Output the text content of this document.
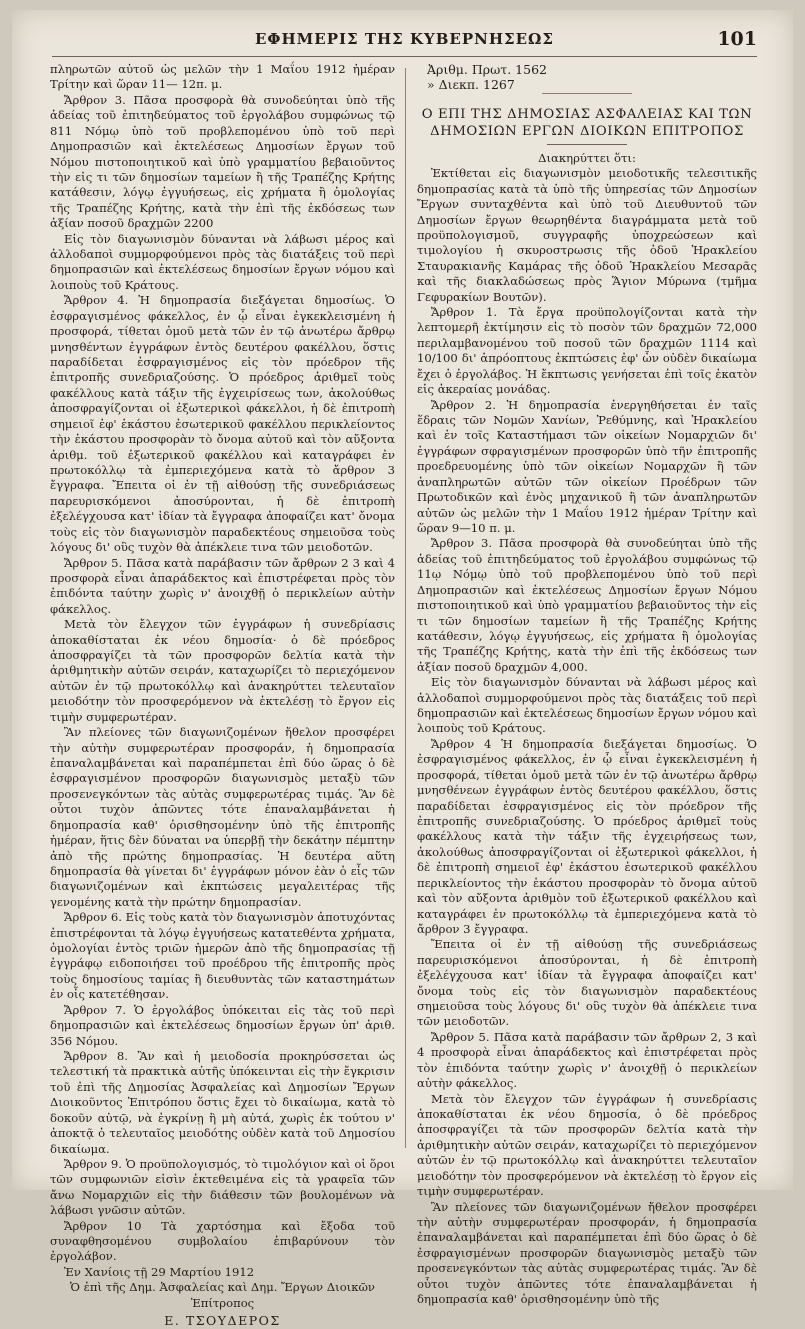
ΕΦΗΜΕΡΙΣ ΤΗΣ ΚΥΒΕΡΝΗΣΕΩΣ	101

πληρωτῶν αὐτοῦ ὡς μελῶν τὴν 1 Μαΐου 1912 ἡμέραν Τρίτην καὶ ὥραν 11— 12π. μ.

Ἄρθρον 3. Πᾶσα προσφορὰ θὰ συνοδεύηται ὑπὸ τῆς ἀδείας τοῦ ἐπιτηδεύματος τοῦ ἐργολάβου συμφώνως τῷ 811 Νόμῳ ὑπὸ τοῦ προβλεπομένου ὑπὸ τοῦ περὶ Δημοπρασιῶν καὶ ἐκτελέσεως Δημοσίων ἔργων τοῦ Νόμου πιστοποιητικοῦ καὶ ὑπὸ γραμματίου βεβαιοῦντος τὴν εἰς τι τῶν δημοσίων ταμείων ἢ τῆς Τραπέζης Κρήτης κατάθεσιν, λόγῳ ἐγγυήσεως, εἰς χρήματα ἢ ὁμολογίας τῆς Τραπέζης Κρήτης, κατὰ τὴν ἐπὶ τῆς ἐκδόσεως των ἀξίαν ποσοῦ δραχμῶν 2200

Εἰς τὸν διαγωνισμὸν δύνανται νὰ λάβωσι μέρος καὶ ἀλλοδαποὶ συμμορφούμενοι πρὸς τὰς διατάξεις τοῦ περὶ δημοπρασιῶν καὶ ἐκτελέσεως δημοσίων ἔργων νόμου καὶ λοιποὺς τοῦ Κράτους.

Ἄρθρον 4. Ἡ δημοπρασία διεξάγεται δημοσίως. Ὁ ἐσφραγισμένος φάκελλος, ἐν ᾧ εἶναι ἐγκεκλεισμένη ἡ προσφορά, τίθεται ὁμοῦ μετὰ τῶν ἐν τῷ ἀνωτέρω ἄρθρῳ μνησθέντων ἐγγράφων ἐντὸς δευτέρου φακέλλου, ὅστις παραδίδεται ἐσφραγισμένος εἰς τὸν πρόεδρον τῆς ἐπιτροπῆς συνεδριαζούσης. Ὁ πρόεδρος ἀριθμεῖ τοὺς φακέλλους κατὰ τάξιν τῆς ἐγχειρίσεως των, ἀκολούθως ἀποσφραγίζονται οἱ ἐξωτερικοὶ φάκελλοι, ἡ δὲ ἐπιτροπὴ σημειοῖ ἐφ' ἑκάστου ἐσωτερικοῦ φακέλλου περικλείοντος τὴν ἑκάστου προσφορὰν τὸ ὄνομα αὐτοῦ καὶ τὸν αὔξοντα ἀριθμ. τοῦ ἐξωτερικοῦ φακέλλου καὶ καταγράφει ἐν πρωτοκόλλῳ τὰ ἐμπεριεχόμενα κατὰ τὸ ἄρθρον 3 ἔγγραφα. Ἔπειτα οἱ ἐν τῇ αἰθούσῃ τῆς συνεδριάσεως παρευρισκόμενοι ἀποσύρονται, ἡ δὲ ἐπιτροπὴ ἐξελέγχουσα κατ' ἰδίαν τὰ ἔγγραφα ἀποφαίζει κατ' ὄνομα τοὺς εἰς τὸν διαγωνισμὸν παραδεκτέους σημειοῦσα τοὺς λόγους δι' οὓς τυχὸν θὰ ἀπέκλειε τινα τῶν μειοδοτῶν.

Ἄρθρον 5. Πᾶσα κατὰ παράβασιν τῶν ἄρθρων 2 3 καὶ 4 προσφορὰ εἶναι ἀπαράδεκτος καὶ ἐπιστρέφεται πρὸς τὸν ἐπιδόντα ταύτην χωρὶς ν' ἀνοιχθῇ ὁ περικλείων αὐτὴν φάκελλος.

Μετὰ τὸν ἔλεγχον τῶν ἐγγράφων ἡ συνεδρίασις ἀποκαθίσταται ἐκ νέου δημοσία· ὁ δὲ πρόεδρος ἀποσφραγίζει τὰ τῶν προσφορῶν δελτία κατὰ τὴν ἀριθμητικὴν αὐτῶν σειράν, καταχωρίζει τὸ περιεχόμενον αὐτῶν ἐν τῷ πρωτοκόλλῳ καὶ ἀνακηρύττει τελευταῖον μειοδότην τὸν προσφερόμενον νὰ ἐκτελέσῃ τὸ ἔργον εἰς τιμὴν συμφερωτέραν.

Ἂν πλείονες τῶν διαγωνιζομένων ἤθελον προσφέρει τὴν αὐτὴν συμφερωτέραν προσφοράν, ἡ δημοπρασία ἐπαναλαμβάνεται καὶ παραπέμπεται ἐπὶ δύο ὥρας ὁ δὲ ἐσφραγισμένον προσφορῶν διαγωνισμὸς μεταξὺ τῶν προσενεγκόντων τὰς αὐτὰς συμφερωτέρας τιμάς. Ἂν δὲ οὗτοι τυχὸν ἀπῶντες τότε ἐπαναλαμβάνεται ἡ δημοπρασία καθ' ὁρισθησομένην ὑπὸ τῆς ἐπιτροπῆς ἡμέραν, ἥτις δὲν δύναται να ὑπερβῇ τὴν δεκάτην πέμπτην ἀπὸ τῆς πρώτης δημοπρασίας. Ἡ δευτέρα αὕτη δημοπρασία θὰ γίνεται δι' ἐγγράφων μόνον ἐὰν ὁ εἷς τῶν διαγωνιζομένων καὶ ἐκπτώσεις μεγαλειτέρας τῆς γενομένης κατὰ τὴν πρώτην δημοπρασίαν.

Ἄρθρον 6. Εἰς τοὺς κατὰ τὸν διαγωνισμὸν ἀποτυχόντας ἐπιστρέφονται τὰ λόγῳ ἐγγυήσεως κατατεθέντα χρήματα, ὁμολογίαι ἐντὸς τριῶν ἡμερῶν ἀπὸ τῆς δημοπρασίας τῇ ἐγγράφῳ ειδοποιήσει τοῦ προέδρου τῆς ἐπιτροπῆς πρὸς τοὺς δημοσίους ταμίας ἢ διευθυντὰς τῶν καταστημάτων ἐν οἷς κατετέθησαν.

Ἄρθρον 7. Ὁ ἐργολάβος ὑπόκειται εἰς τὰς τοῦ περὶ δημοπρασιῶν καὶ ἐκτελέσεως δημοσίων ἔργων ὑπ' ἀριθ. 356 Νόμου.

Ἄρθρον 8. Ἂν καὶ ἡ μειοδοσία προκηρύσσεται ὡς τελεστική τὰ πρακτικὰ αὐτῆς ὑπόκεινται εἰς τὴν ἔγκρισιν τοῦ ἐπὶ τῆς Δημοσίας Ἀσφαλείας καὶ Δημοσίων Ἔργων Διοικοῦντος Ἐπιτρόπου ὅστις ἔχει τὸ δικαίωμα, κατὰ τὸ δοκοῦν αὐτῷ, νὰ ἐγκρίνῃ ἢ μὴ αὐτά, χωρὶς ἐκ τούτου ν' ἀποκτᾷ ὁ τελευταῖος μειοδότης οὐδὲν κατὰ τοῦ Δημοσίου δικαίωμα.

Ἄρθρον 9. Ὁ προϋπολογισμός, τὸ τιμολόγιον καὶ οἱ ὅροι τῶν συμφωνιῶν εἰσὶν ἐκτεθειμένα εἰς τὰ γραφεῖα τῶν ἄνω Νομαρχιῶν εἰς τὴν διάθεσιν τῶν βουλομένων νὰ λάβωσι γνῶσιν αὐτῶν.

Ἄρθρον 10 Τὰ χαρτόσημα καὶ ἔξοδα τοῦ συναφθησομένου συμβολαίου ἐπιβαρύνουν τὸν ἐργολάβον.

Ἐν Χανίοις τῇ 29 Μαρτίου 1912

Ὁ ἐπὶ τῆς Δημ. Ἀσφαλείας καὶ Δημ. Ἔργων Διοικῶν Ἐπίτροπος

Ε. ΤΣΟΥΔΕΡΟΣ

Ἀριθμ. Πρωτ. 1562
» Διεκπ. 1267
Ο ΕΠΙ ΤΗΣ ΔΗΜΟΣΙΑΣ ΑΣΦΑΛΕΙΑΣ ΚΑΙ ΤΩΝ ΔΗΜΟΣΙΩΝ ΕΡΓΩΝ ΔΙΟΙΚΩΝ ΕΠΙΤΡΟΠΟΣ

Διακηρύττει ὅτι:

Ἐκτίθεται εἰς διαγωνισμὸν μειοδοτικῆς τελεσιτικῆς δημοπρασίας κατὰ τὰ ὑπὸ τῆς ὑπηρεσίας τῶν Δημοσίων Ἔργων συνταχθέντα καὶ ὑπὸ τοῦ Διευθυντοῦ τῶν Δημοσίων ἔργων θεωρηθέντα διαγράμματα μετὰ τοῦ προϋπολογισμοῦ, συγγραφῆς ὑποχρεώσεων καὶ τιμολογίου ἡ σκυροστρωσις τῆς ὁδοῦ Ἡρακλείου Σταυρακιανῆς Καμάρας τῆς ὁδοῦ Ἡρακλείου Μεσαρᾶς καὶ τῆς διακλαδώσεως πρὸς Ἅγιον Μύρωνα (τμῆμα Γεφυρακίων Βουτῶν).

Ἄρθρον 1. Τὰ ἔργα προϋπολογίζονται κατὰ τὴν λεπτομερῆ ἐκτίμησιν εἰς τὸ ποσὸν τῶν δραχμῶν 72,000 περιλαμβανομένου τοῦ ποσοῦ τῶν δραχμῶν 1114 καὶ 10/100 δι' ἀπρόοπτους ἐκπτώσεις ἐφ' ὧν οὐδὲν δικαίωμα ἔχει ὁ ἐργολάβος. Ἡ ἔκπτωσις γενήσεται ἐπὶ τοῖς ἑκατὸν εἰς ἀκεραίας μονάδας.

Ἄρθρον 2. Ἡ δημοπρασία ἐνεργηθήσεται ἐν ταῖς ἕδραις τῶν Νομῶν Χανίων, Ῥεθύμνης, καὶ Ἡρακλείου καὶ ἐν τοῖς Καταστήμασι τῶν οἰκείων Νομαρχιῶν δι' ἐγγράφων σφραγισμένων προσφορῶν ὑπὸ τῆν ἐπιτροπῆς προεδρευομένης ὑπὸ τῶν οἰκείων Νομαρχῶν ἢ τῶν ἀναπληρωτῶν αὐτῶν τῶν οἰκείων Προέδρων τῶν Πρωτοδικῶν καὶ ἑνὸς μηχανικοῦ ἢ τῶν ἀναπληρωτῶν αὐτῶν ὡς μελῶν τὴν 1 Μαΐου 1912 ἡμέραν Τρίτην καὶ ὥραν 9—10 π. μ.

Ἄρθρον 3. Πᾶσα προσφορὰ θὰ συνοδεύηται ὑπὸ τῆς ἀδείας τοῦ ἐπιτηδεύματος τοῦ ἐργολάβου συμφώνως τῷ 11ῳ Νόμῳ ὑπὸ τοῦ προβλεπομένου ὑπὸ τοῦ περὶ Δημοπρασιῶν καὶ ἐκτελέσεως Δημοσίων ἔργων Νόμου πιστοποιητικοῦ καὶ ὑπὸ γραμματίου βεβαιοῦντος τὴν εἰς τι τῶν δημοσίων ταμείων ἢ τῆς Τραπέζης Κρήτης κατάθεσιν, λόγῳ ἐγγυήσεως, εἰς χρήματα ἢ ὁμολογίας τῆς Τραπέζης Κρήτης, κατὰ τὴν ἐπὶ τῆς ἐκδόσεως των ἀξίαν ποσοῦ δραχμῶν 4,000.

Εἰς τὸν διαγωνισμὸν δύνανται νὰ λάβωσι μέρος καὶ ἀλλοδαποὶ συμμορφούμενοι πρὸς τὰς διατάξεις τοῦ περὶ δημοπρασιῶν καὶ ἐκτελέσεως δημοσίων ἔργων νόμου καὶ λοιποὺς τοῦ Κράτους.

Ἄρθρον 4 Ἡ δημοπρασία διεξάγεται δημοσίως. Ὁ ἐσφραγισμένος φάκελλος, ἐν ᾧ εἶναι ἐγκεκλεισμένη ἡ προσφορά, τίθεται ὁμοῦ μετὰ τῶν ἐν τῷ ἀνωτέρω ἄρθρῳ μνησθένεων ἐγγράφων ἐντὸς δευτέρου φακέλλου, ὅστις παραδίδεται ἐσφραγισμένος εἰς τὸν πρόεδρον τῆς ἐπιτροπῆς συνεδριαζούσης. Ὁ πρόεδρος ἀριθμεῖ τοὺς φακέλλους κατὰ τὴν τάξιν τῆς ἐγχειρήσεως των, ἀκολούθως ἀποσφραγίζονται οἱ ἐξωτερικοὶ φάκελλοι, ἡ δὲ ἐπιτροπὴ σημειοῖ ἐφ' ἑκάστου ἐσωτερικοῦ φακέλλου περικλείοντος τὴν ἑκάστου προσφορὰν τὸ ὄνομα αὐτοῦ καὶ τὸν αὔξοντα ἀριθμὸν τοῦ ἐξωτερικοῦ φακέλλου καὶ καταγράφει ἐν πρωτοκόλλῳ τὰ ἐμπεριεχόμενα κατὰ τὸ ἄρθρον 3 ἔγγραφα.

Ἔπειτα οἱ ἐν τῇ αἰθούσῃ τῆς συνεδριάσεως παρευρισκόμενοι ἀποσύρονται, ἡ δὲ ἐπιτροπὴ ἐξελέγχουσα κατ' ἰδίαν τὰ ἔγγραφα ἀποφαίζει κατ' ὄνομα τοὺς εἰς τὸν διαγωνισμὸν παραδεκτέους σημειοῦσα τοὺς λόγους δι' οὓς τυχὸν θὰ ἀπέκλειε τινα τῶν μειοδοτῶν.

Ἄρθρον 5. Πᾶσα κατὰ παράβασιν τῶν ἄρθρων 2, 3 καὶ 4 προσφορὰ εἶναι ἀπαράδεκτος καὶ ἐπιστρέφεται πρὸς τὸν ἐπιδόντα ταύτην χωρὶς ν' ἀνοιχθῇ ὁ περικλείων αὐτὴν φάκελλος.

Μετὰ τὸν ἔλεγχον τῶν ἐγγράφων ἡ συνεδρίασις ἀποκαθίσταται ἐκ νέου δημοσία, ὁ δὲ πρόεδρος ἀποσφραγίζει τὰ τῶν προσφορῶν δελτία κατὰ τὴν ἀριθμητικὴν αὐτῶν σειράν, καταχωρίζει τὸ περιεχόμενον αὐτῶν ἐν τῷ πρωτοκόλλῳ καὶ ἀνακηρύττει τελευταῖον μειοδότην τὸν προσφερόμενον νὰ ἐκτελέσῃ τὸ ἔργον εἰς τιμὴν συμφερωτέραν.

Ἂν πλείονες τῶν διαγωνιζομένων ἤθελον προσφέρει τὴν αὐτὴν συμφερωτέραν προσφοράν, ἡ δημοπρασία ἐπαναλαμβάνεται καὶ παραπέμπεται ἐπὶ δύο ὥρας ὁ δὲ ἐσφραγισμένων προσφορῶν διαγωνισμὸς μεταξὺ τῶν προσενεγκόντων τὰς αὐτὰς συμφερωτέρας τιμάς. Ἂν δὲ οὗτοι τυχὸν ἀπῶντες τότε ἐπαναλαμβάνεται ἡ δημοπρασία καθ' ὁρισθησομένην ὑπὸ τῆς
